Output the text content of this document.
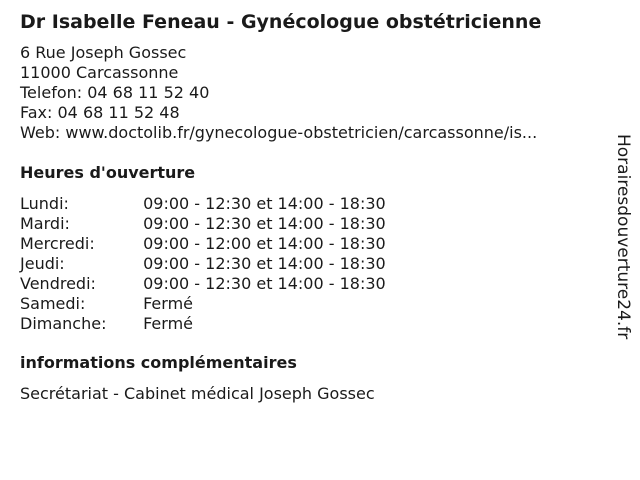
Dr Isabelle Feneau - Gynécologue obstétricienne
6 Rue Joseph Gossec
11000 Carcassonne
Telefon: 04 68 11 52 40
Fax: 04 68 11 52 48
Web: www.doctolib.fr/gynecologue-obstetricien/carcassonne/is...
Heures d'ouverture
Lundi:	09:00 - 12:30 et 14:00 - 18:30
Mardi:	09:00 - 12:30 et 14:00 - 18:30
Mercredi:	09:00 - 12:00 et 14:00 - 18:30
Jeudi:	09:00 - 12:30 et 14:00 - 18:30
Vendredi:	09:00 - 12:30 et 14:00 - 18:30
Samedi:	Fermé
Dimanche: Fermé
informations complémentaires
Secrétariat - Cabinet médical Joseph Gossec
Horairesdouverture24.fr
